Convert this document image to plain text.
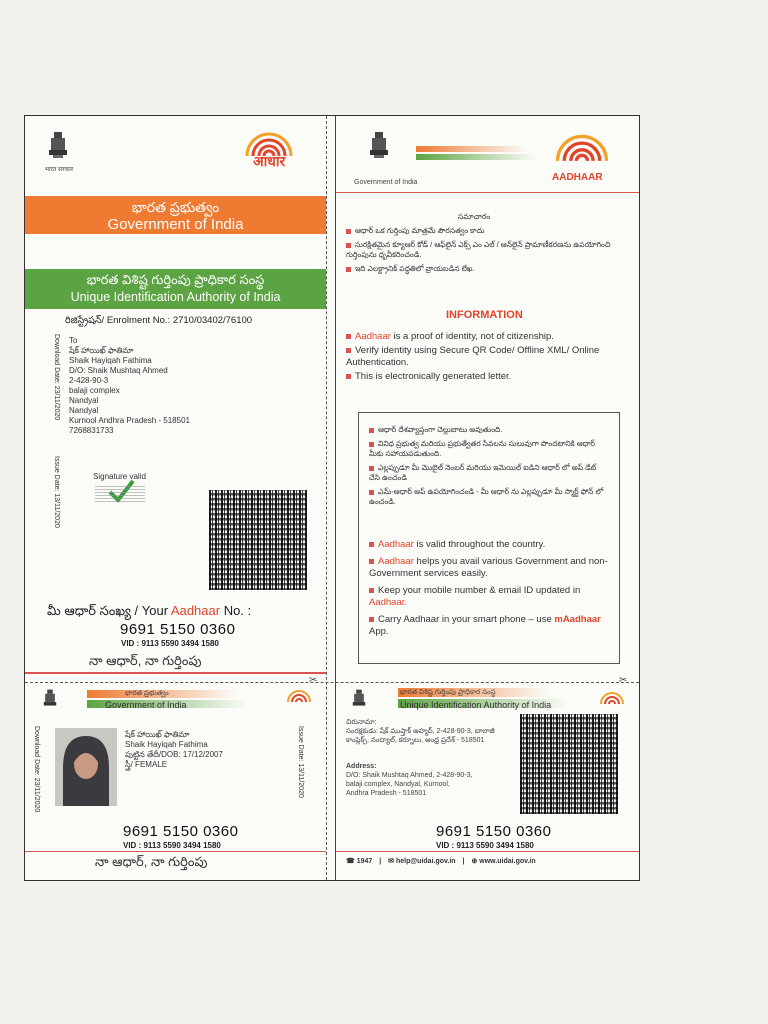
भारत सरकार
आधार
భారత ప్రభుత్వం
Government of India
భారత విశిష్ట గుర్తింపు ప్రాధికార సంస్థ
Unique Identification Authority of India
రిజిస్ట్రేషన్/ Enrolment No.: 2710/03402/76100
Download Date: 23/11/2020
Issue Date: 13/11/2020
To
షేక్ హాయిఖ్ ఫాతిమా
Shaik Hayiqah Fathima
D/O: Shaik Mushtaq Ahmed
2-428-90-3
balaji complex
Nandyal
Nandyal
Kurnool Andhra Pradesh - 518501
7268831733
Signature valid
మీ ఆధార్ సంఖ్య / Your Aadhaar No. :
9691 5150 0360
VID : 9113 5590 3494 1580
నా ఆధార్, నా గుర్తింపు
✂	✂
భారత ప్రభుత్వం
Government of India
Download Date: 23/11/2020	Issue Date: 13/11/2020
షేక్ హాయిఖ్ ఫాతిమా
Shaik Hayiqah Fathima
పుట్టిన తేదీ/DOB: 17/12/2007
స్త్రీ/ FEMALE
9691 5150 0360
VID : 9113 5590 3494 1580
నా ఆధార్, నా గుర్తింపు
Government of India	AADHAAR
సమాచారం
ఆధార్ ఒక గుర్తింపు మాత్రమే పౌరసత్వం కాదు
సురక్షితమైన క్యూఆర్ కోడ్ / ఆఫ్‌లైన్ ఎక్స్ ఎం ఎల్ / ఆన్‌లైన్ ప్రామాణీకరణను ఉపయోగించి గుర్తింపును ధృవీకరించండి.
ఇది ఎలక్ట్రానిక్ పద్ధతిలో వ్రాయబడిన లేఖ.
INFORMATION
Aadhaar is a proof of identity, not of citizenship.
Verify identity using Secure QR Code/ Offline XML/ Online Authentication.
This is electronically generated letter.
ఆధార్ దేశవ్యాప్తంగా చెల్లుబాటు అవుతుంది.
వివిధ ప్రభుత్వ మరియు ప్రభుత్వేతర సేవలను సులువుగా పొందటానికి ఆధార్ మీకు సహాయపడుతుంది.
ఎల్లప్పుడూ మీ మొబైల్ నెంబర్ మరియు ఇమెయిల్ ఐడిని ఆధార్ లో అప్ డేట్ చేసి ఉంచండి
ఎమ్-ఆధార్ అప్ ఉపయోగించండి - మీ ఆధార్ ను ఎల్లప్పుడూ మీ స్మార్ట్ ఫోన్ లో ఉంచండి.
Aadhaar is valid throughout the country.
Aadhaar helps you avail various Government and non-Government services easily.
Keep your mobile number & email ID updated in Aadhaar.
Carry Aadhaar in your smart phone – use mAadhaar App.
భారత విశిష్ట గుర్తింపు ప్రాధికార సంస్థ
Unique Identification Authority of India
చిరునామా:
సంరక్షకుడు: షేక్ ముష్తాక్ అహ్మద్, 2-428-90-3, బాలాజీ కాంప్లెక్స్, నంద్యాల్, కర్నూలు, ఆంధ్ర ప్రదేశ్ - 518501
Address:
D/O: Shaik Mushtaq Ahmed, 2-428-90-3,
balaji complex, Nandyal, Kurnool,
Andhra Pradesh - 518501
9691 5150 0360
VID : 9113 5590 3494 1580
☎ 1947 | ✉ help@uidai.gov.in | ⊕ www.uidai.gov.in
